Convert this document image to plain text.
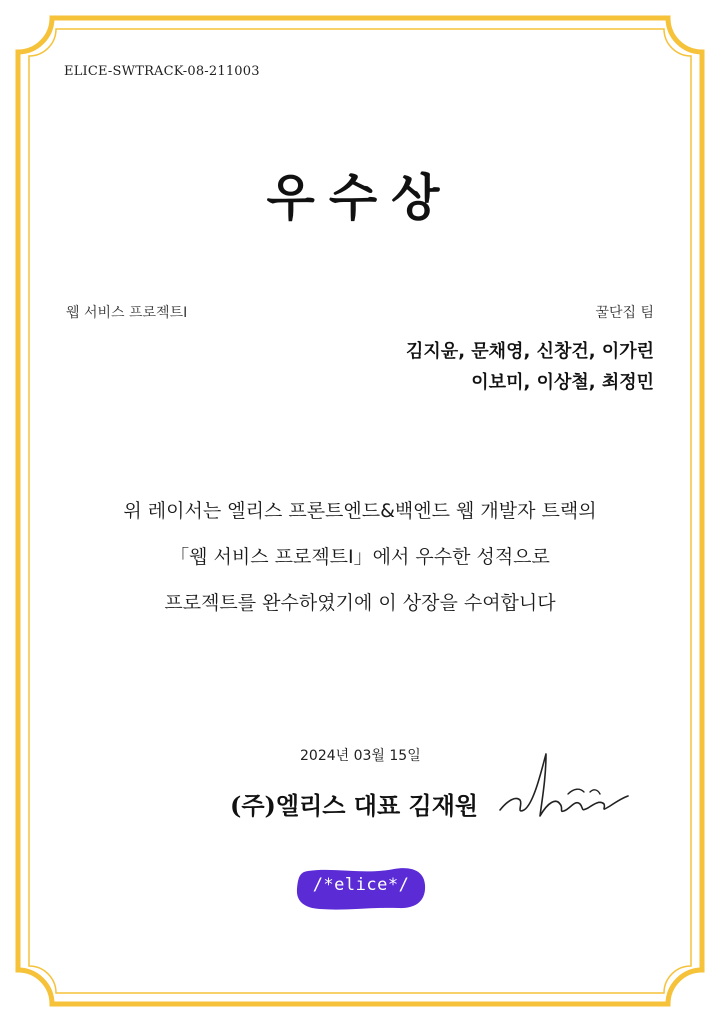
ELICE-SWTRACK-08-211003
우수상
웹 서비스 프로젝트I	꿀단집 팀
김지윤, 문채영, 신창건, 이가린
이보미, 이상철, 최정민
위 레이서는 엘리스 프론트엔드&백엔드 웹 개발자 트랙의
「웹 서비스 프로젝트I」에서 우수한 성적으로
프로젝트를 완수하였기에 이 상장을 수여합니다
2024년 03월 15일
(주)엘리스 대표 김재원
/*elice*/
